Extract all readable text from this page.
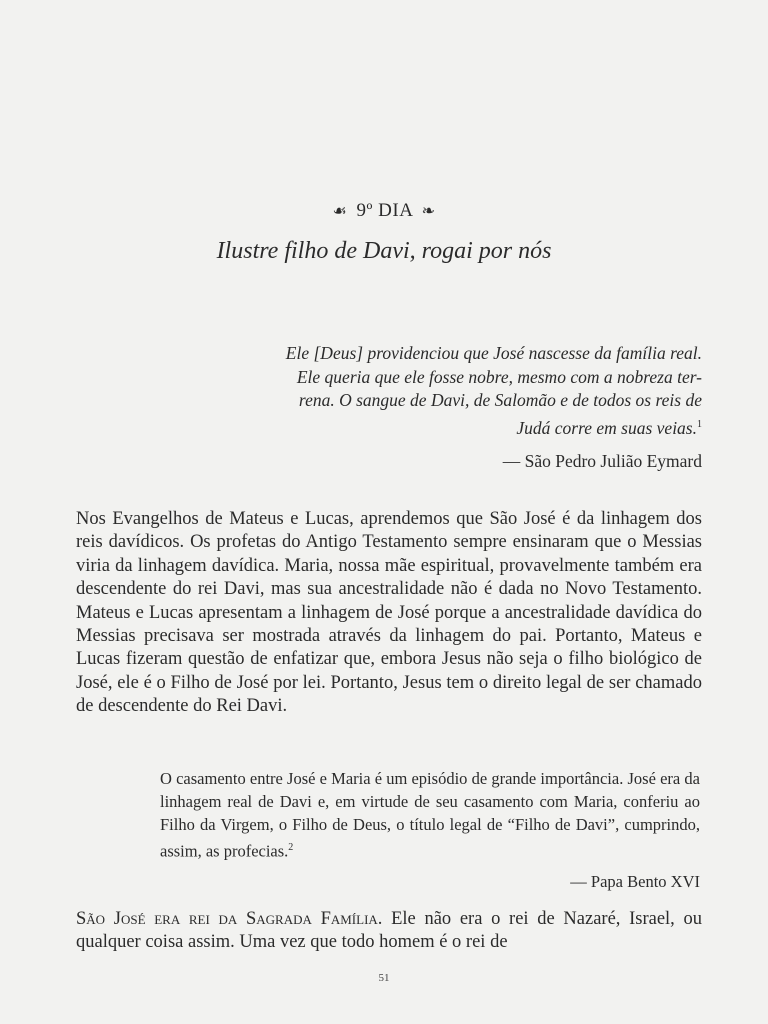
☙ 9º DIA ❧
Ilustre filho de Davi, rogai por nós

Ele [Deus] providenciou que José nascesse da família real.

Ele queria que ele fosse nobre, mesmo com a nobreza ter-

rena. O sangue de Davi, de Salomão e de todos os reis de

Judá corre em suas veias.$^1$

— São Pedro Julião Eymard

Nos Evangelhos de Mateus e Lucas, aprendemos que São José é da linhagem dos reis davídicos. Os profetas do Antigo Testamento sempre ensinaram que o Messias viria da linhagem davídica. Maria, nossa mãe espiritual, provavelmente também era descendente do rei Davi, mas sua ancestralidade não é dada no Novo Testamento. Mateus e Lucas apresentam a linhagem de José porque a ancestralidade davídica do Messias precisava ser mostrada através da linhagem do pai. Portanto, Mateus e Lucas fizeram questão de enfatizar que, embora Jesus não seja o filho biológico de José, ele é o Filho de José por lei. Portanto, Jesus tem o direito legal de ser chamado de descendente do Rei Davi.

O casamento entre José e Maria é um episódio de grande importância. José era da linhagem real de Davi e, em virtude de seu casamento com Maria, conferiu ao Filho da Virgem, o Filho de Deus, o título legal de “Filho de Davi”, cumprindo, assim, as profecias.$^2$

— Papa Bento XVI

São José era rei da Sagrada Família. Ele não era o rei de Nazaré, Israel, ou qualquer coisa assim. Uma vez que todo homem é o rei de

51
